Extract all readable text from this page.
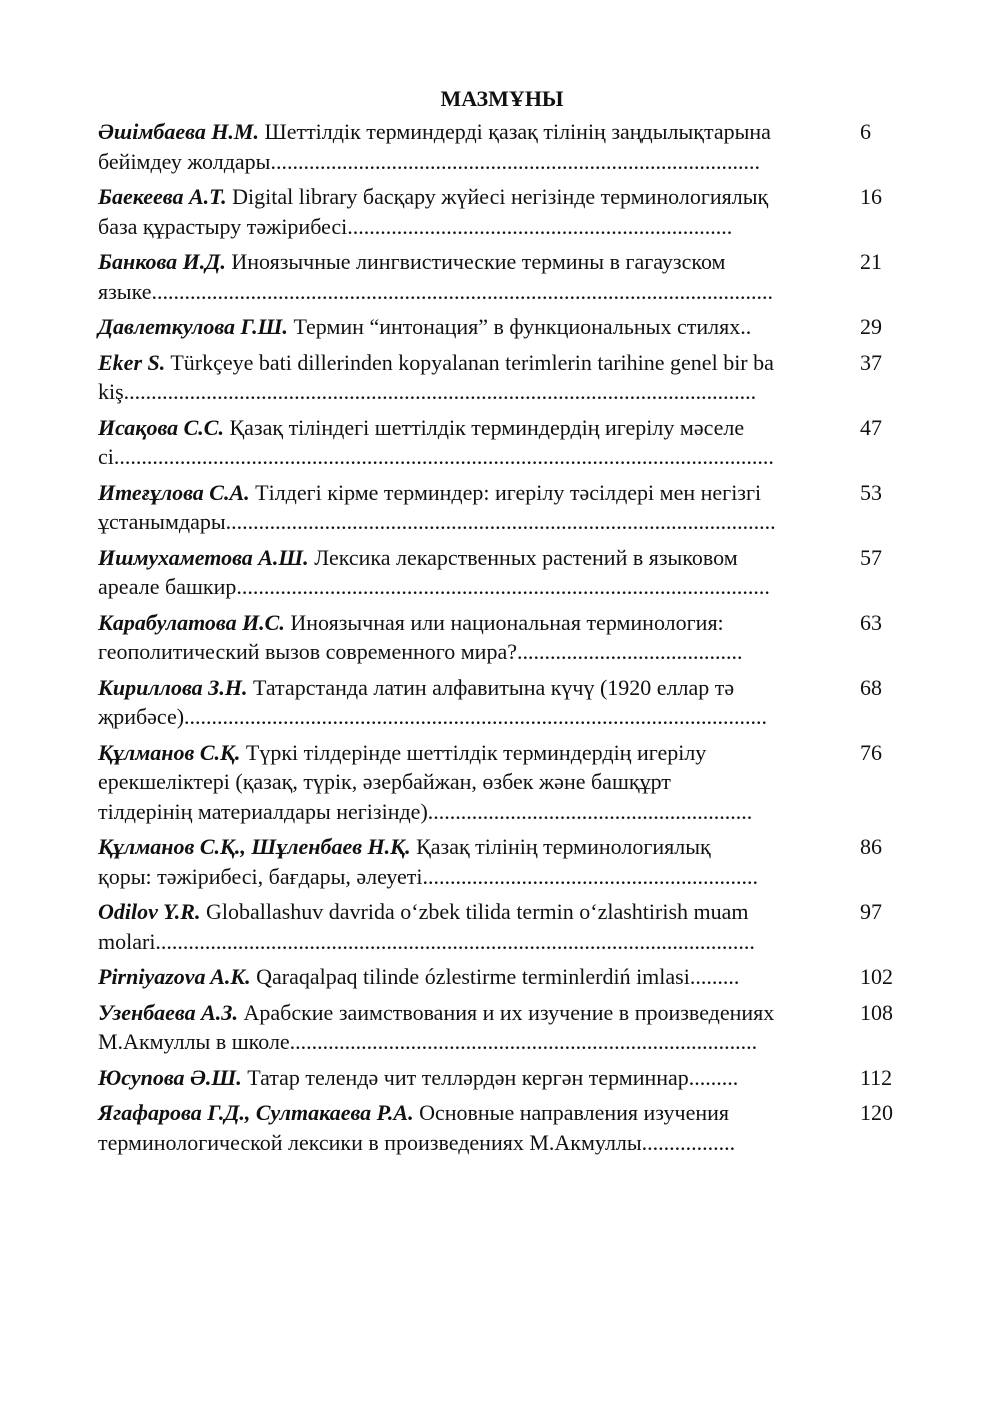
МАЗМҰНЫ
Әшімбаева Н.М. Шеттілдік терминдерді қазақ тілінің заңдылықтарына
бейімдеу жолдары.........................................................................................
6
Баекеева А.Т. Digital library басқару жүйесі негізінде терминологиялық
база құрастыру тәжірибесі......................................................................
16
Банкова И.Д. Иноязычные лингвистические термины в гагаузском
языке.................................................................................................................
21
Давлеткулова Г.Ш. Термин “интонация” в функциональных стилях..	29
Eker S. Türkçeye bati dillerinden kopyalanan terimlerin tarihine genel bir ba
kiş...................................................................................................................
37
Исақова С.С. Қазақ тіліндегі шеттілдік терминдердің игерілу мәселе
сі........................................................................................................................
47
Итеғұлова С.А. Тілдегі кірме терминдер: игерілу тәсілдері мен негізгі
ұстанымдары....................................................................................................
53
Ишмухаметова А.Ш. Лексика лекарственных растений в языковом
ареале башкир.................................................................................................
57
Карабулатова И.С. Иноязычная или национальная терминология:
геополитический вызов современного мира?.........................................
63
Кириллова З.Н. Татарстанда латин алфавитына күчү (1920 еллар тә
җрибәсе)..........................................................................................................
68
Құлманов С.Қ. Түркі тілдерінде шеттілдік терминдердің игерілу
ерекшеліктері (қазақ, түрік, әзербайжан, өзбек және башқұрт
тілдерінің материалдары негізінде)...........................................................
76
Құлманов С.Қ., Шұленбаев Н.Қ. Қазақ тілінің терминологиялық
қоры: тәжірибесі, бағдары, әлеуеті.............................................................
86
Odilov Y.R. Globallashuv davrida oʻzbek tilida termin oʻzlashtirish muam
molari.............................................................................................................
97
Pirniyazova A.K. Qaraqalpaq tilinde ózlestirme terminlerdiń imlasi.........	102
Узенбаева А.З. Арабские заимствования и их изучение в произведениях
М.Акмуллы в школе.....................................................................................
108
Юсупова Ә.Ш. Татар телендә чит телләрдән кергән терминнар.........	112
Ягафарова Г.Д., Султакаева Р.А. Основные направления изучения
терминологической лексики в произведениях М.Акмуллы.................
120
